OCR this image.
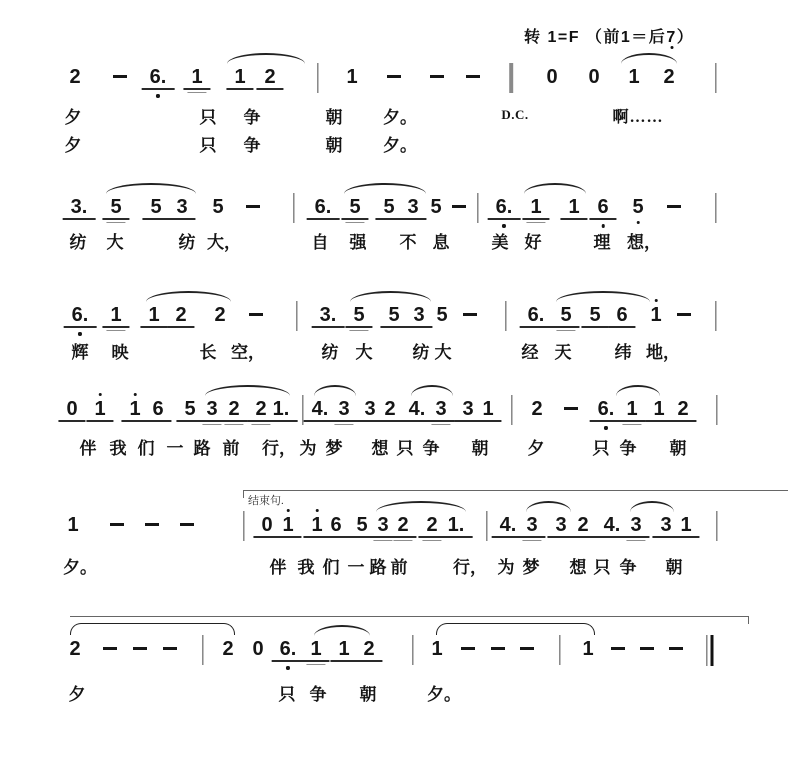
转 1=F （前1＝后7
）
2	6. 1 1 2	1	0 0 1 2
夕	只 争	朝 夕。	D.C.	啊……
夕	只 争	朝 夕。
3. 5 5 3 5	6. 5 5 3 5	6. 1 1 6 5
纺 大	纺 大，	自 强 不 息 美 好	理 想，
6. 1 1 2 2	3. 5 5 3 5	6. 5 5 6 1
辉 映	长 空，	纺 大 纺 大	经 天	纬 地，
0 1 1 6 5 3 2 2 1. 4. 3 3 2 4. 3 3 1 2	6. 1 1 2
伴 我 们 一 路 前 行， 为 梦 想 只 争 朝 夕	只 争 朝
结束句.
1	0 1 1 6 5 3 2 2 1. 4. 3 3 2 4. 3 3 1
夕。	伴 我 们 一 路 前	行， 为 梦 想 只 争 朝
2	2 0 6. 1 1 2	1	1
夕	只 争 朝	夕。
